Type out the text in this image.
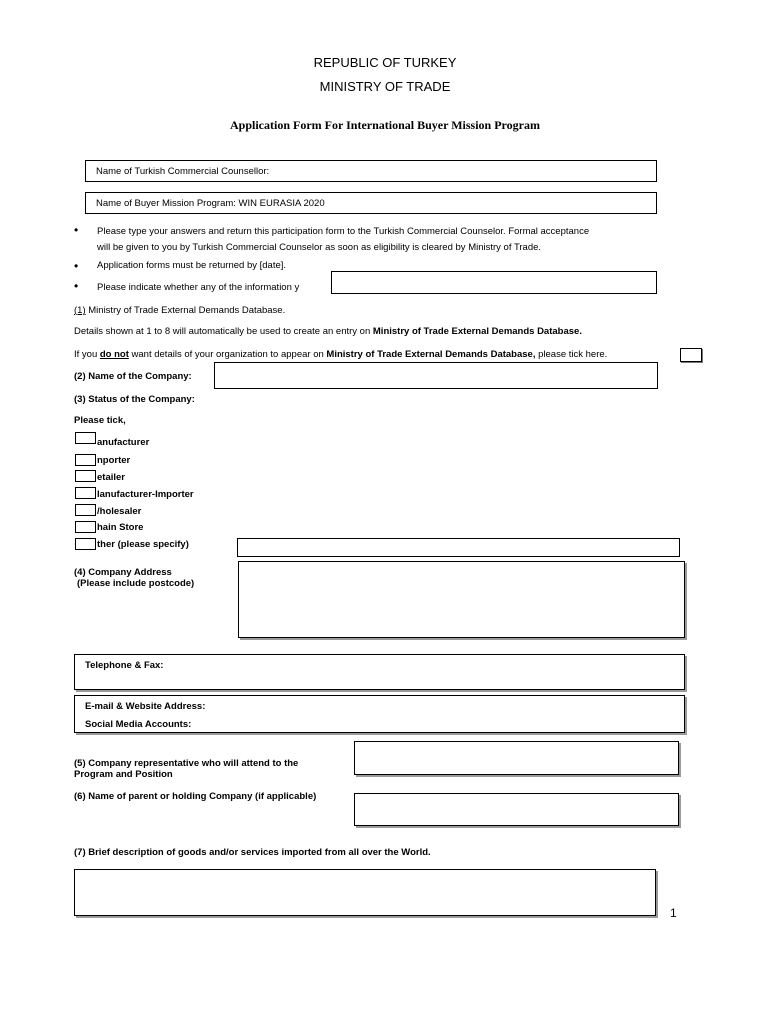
REPUBLIC OF TURKEY
MINISTRY OF TRADE
Application Form For International Buyer Mission Program
Name of Turkish Commercial Counsellor:
Name of Buyer Mission Program: WIN EURASIA 2020
• Please type your answers and return this participation form to the Turkish Commercial Counselor. Formal acceptance
will be given to you by Turkish Commercial Counselor as soon as eligibility is cleared by Ministry of Trade.
• Application forms must be returned by [date].
• Please indicate whether any of the information y
(1) Ministry of Trade External Demands Database.
Details shown at 1 to 8 will automatically be used to create an entry on Ministry of Trade External Demands Database.
If you do not want details of your organization to appear on Ministry of Trade External Demands Database, please tick here.
(2) Name of the Company:
(3) Status of the Company:
Please tick,
anufacturer
nporter
etailer
lanufacturer-Importer
/holesaler
hain Store
ther (please specify)
(4) Company Address
(Please include postcode)
Telephone & Fax:
E-mail & Website Address:
Social Media Accounts:
(5) Company representative who will attend to the
Program and Position
(6) Name of parent or holding Company (if applicable)
(7) Brief description of goods and/or services imported from all over the World.
1
